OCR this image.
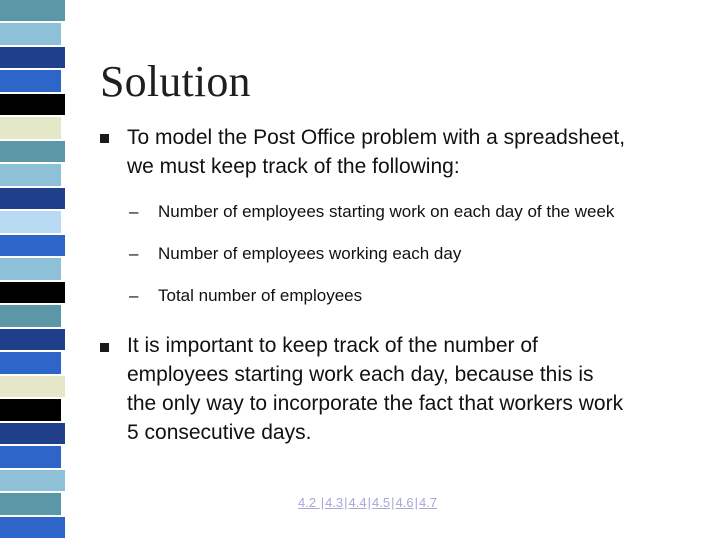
Solution

To model the Post Office problem with a spreadsheet,
we must keep track of the following:

– Number of employees starting work on each day of the week
– Number of employees working each day
– Total number of employees

It is important to keep track of the number of
employees starting work each day, because this is
the only way to incorporate the fact that workers work
5 consecutive days.

4.2 |4.3|4.4|4.5|4.6|4.7
